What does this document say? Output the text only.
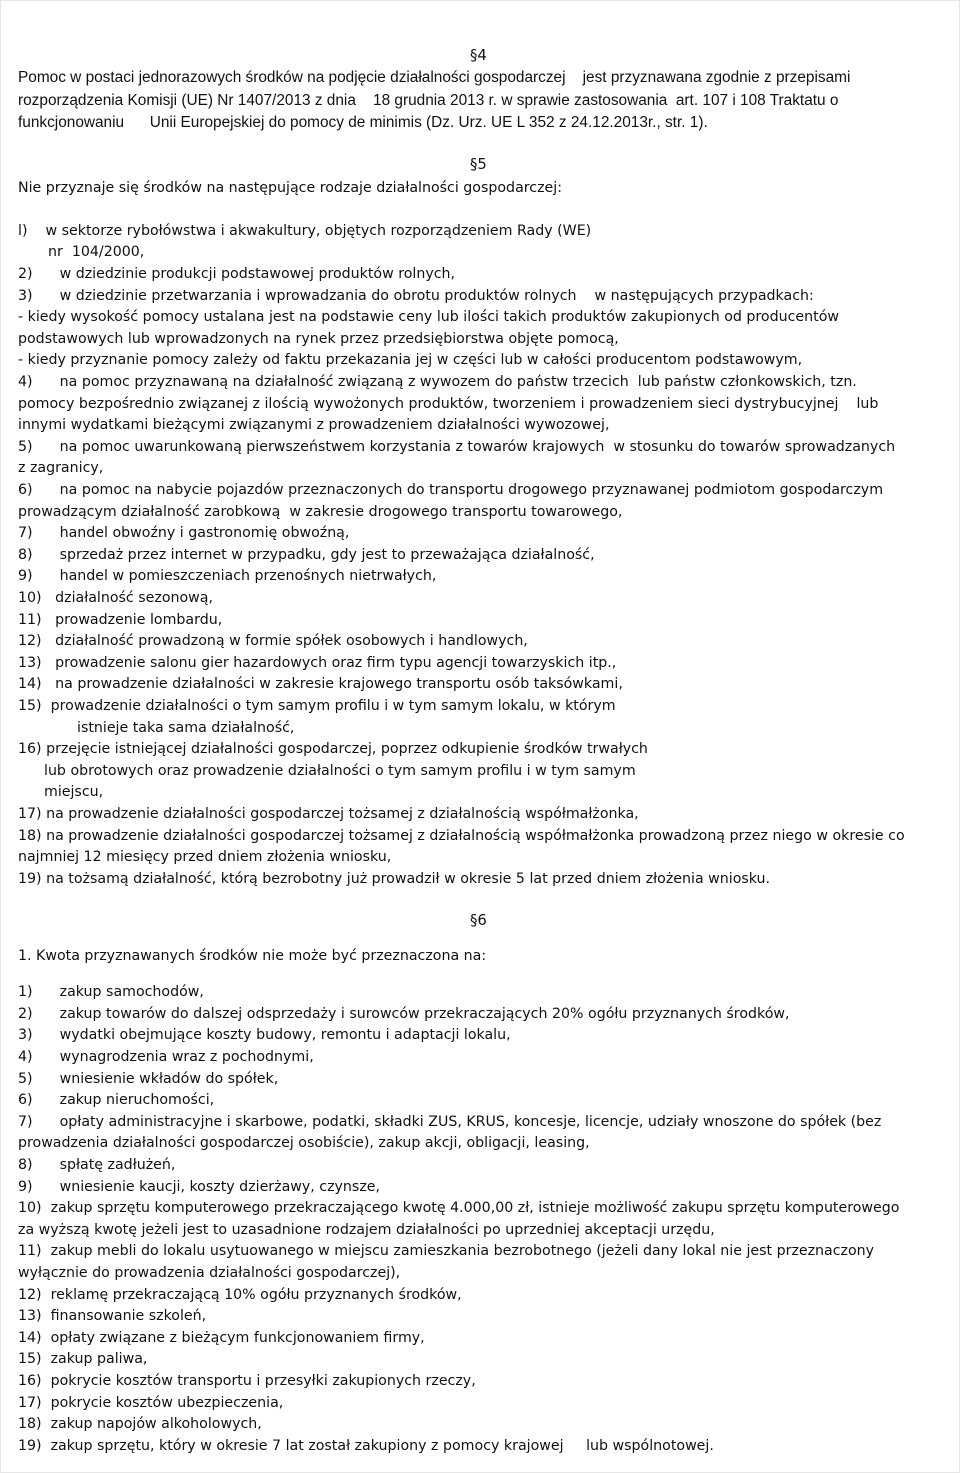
§4
Pomoc w postaci jednorazowych środków na podjęcie działalności gospodarczej    jest przyznawana zgodnie z przepisami
rozporządzenia Komisji (UE) Nr 1407/2013 z dnia    18 grudnia 2013 r. w sprawie zastosowania  art. 107 i 108 Traktatu o
funkcjonowaniu      Unii Europejskiej do pomocy de minimis (Dz. Urz. UE L 352 z 24.12.2013r., str. 1).
§5
Nie przyznaje się środków na następujące rodzaje działalności gospodarczej:
l)    w sektorze rybołówstwa i akwakultury, objętych rozporządzeniem Rady (WE)
nr  104/2000,
2)      w dziedzinie produkcji podstawowej produktów rolnych,
3)      w dziedzinie przetwarzania i wprowadzania do obrotu produktów rolnych    w następujących przypadkach:
- kiedy wysokość pomocy ustalana jest na podstawie ceny lub ilości takich produktów zakupionych od producentów
podstawowych lub wprowadzonych na rynek przez przedsiębiorstwa objęte pomocą,
- kiedy przyznanie pomocy zależy od faktu przekazania jej w części lub w całości producentom podstawowym,
4)      na pomoc przyznawaną na działalność związaną z wywozem do państw trzecich  lub państw członkowskich, tzn.
pomocy bezpośrednio związanej z ilością wywożonych produktów, tworzeniem i prowadzeniem sieci dystrybucyjnej    lub
innymi wydatkami bieżącymi związanymi z prowadzeniem działalności wywozowej,
5)      na pomoc uwarunkowaną pierwszeństwem korzystania z towarów krajowych  w stosunku do towarów sprowadzanych
z zagranicy,
6)      na pomoc na nabycie pojazdów przeznaczonych do transportu drogowego przyznawanej podmiotom gospodarczym
prowadzącym działalność zarobkową  w zakresie drogowego transportu towarowego,
7)      handel obwoźny i gastronomię obwoźną,
8)      sprzedaż przez internet w przypadku, gdy jest to przeważająca działalność,
9)      handel w pomieszczeniach przenośnych nietrwałych,
10)   działalność sezonową,
11)   prowadzenie lombardu,
12)   działalność prowadzoną w formie spółek osobowych i handlowych,
13)   prowadzenie salonu gier hazardowych oraz firm typu agencji towarzyskich itp.,
14)   na prowadzenie działalności w zakresie krajowego transportu osób taksówkami,
15)  prowadzenie działalności o tym samym profilu i w tym samym lokalu, w którym
istnieje taka sama działalność,
16) przejęcie istniejącej działalności gospodarczej, poprzez odkupienie środków trwałych
lub obrotowych oraz prowadzenie działalności o tym samym profilu i w tym samym
miejscu,
17) na prowadzenie działalności gospodarczej tożsamej z działalnością współmałżonka,
18) na prowadzenie działalności gospodarczej tożsamej z działalnością współmałżonka prowadzoną przez niego w okresie co
najmniej 12 miesięcy przed dniem złożenia wniosku,
19) na tożsamą działalność, którą bezrobotny już prowadził w okresie 5 lat przed dniem złożenia wniosku.
§6
1. Kwota przyznawanych środków nie może być przeznaczona na:
1)      zakup samochodów,
2)      zakup towarów do dalszej odsprzedaży i surowców przekraczających 20% ogółu przyznanych środków,
3)      wydatki obejmujące koszty budowy, remontu i adaptacji lokalu,
4)      wynagrodzenia wraz z pochodnymi,
5)      wniesienie wkładów do spółek,
6)      zakup nieruchomości,
7)      opłaty administracyjne i skarbowe, podatki, składki ZUS, KRUS, koncesje, licencje, udziały wnoszone do spółek (bez
prowadzenia działalności gospodarczej osobiście), zakup akcji, obligacji, leasing,
8)      spłatę zadłużeń,
9)      wniesienie kaucji, koszty dzierżawy, czynsze,
10)  zakup sprzętu komputerowego przekraczającego kwotę 4.000,00 zł, istnieje możliwość zakupu sprzętu komputerowego
za wyższą kwotę jeżeli jest to uzasadnione rodzajem działalności po uprzedniej akceptacji urzędu,
11)  zakup mebli do lokalu usytuowanego w miejscu zamieszkania bezrobotnego (jeżeli dany lokal nie jest przeznaczony
wyłącznie do prowadzenia działalności gospodarczej),
12)  reklamę przekraczającą 10% ogółu przyznanych środków,
13)  finansowanie szkoleń,
14)  opłaty związane z bieżącym funkcjonowaniem firmy,
15)  zakup paliwa,
16)  pokrycie kosztów transportu i przesyłki zakupionych rzeczy,
17)  pokrycie kosztów ubezpieczenia,
18)  zakup napojów alkoholowych,
19)  zakup sprzętu, który w okresie 7 lat został zakupiony z pomocy krajowej     lub wspólnotowej.
